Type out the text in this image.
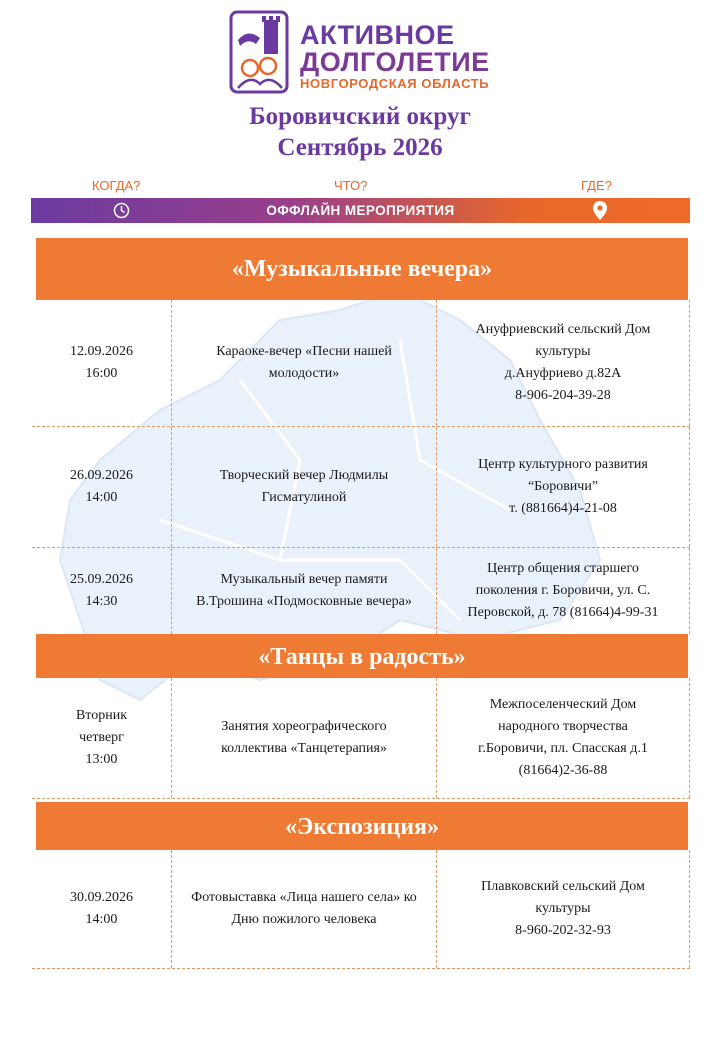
АКТИВНОЕ
ДОЛГОЛЕТИЕ
НОВГОРОДСКАЯ ОБЛАСТЬ
Боровичский округ
Сентябрь 2026
КОГДА?	ЧТО?	ГДЕ?
ОФФЛАЙН МЕРОПРИЯТИЯ
«Музыкальные вечера»
12.09.2026
16:00
Караоке-вечер «Песни нашей
молодости»
Ануфриевский сельский Дом
культуры
д.Ануфриево д.82А
8-906-204-39-28
26.09.2026
14:00
Творческий вечер Людмилы
Гисматулиной
Центр культурного развития
“Боровичи”
т. (881664)4-21-08
25.09.2026
14:30
Музыкальный вечер памяти
В.Трошина «Подмосковные вечера»
Центр общения старшего
поколения г. Боровичи, ул. С.
Перовской, д. 78 (81664)4-99-31
«Танцы в радость»
Вторник
четверг
13:00
Занятия хореографического
коллектива «Танцетерапия»
Межпоселенческий Дом
народного творчества
г.Боровичи, пл. Спасская д.1
(81664)2-36-88
«Экспозиция»
30.09.2026
14:00
Фотовыставка «Лица нашего села» ко
Дню пожилого человека
Плавковский сельский Дом
культуры
8-960-202-32-93
